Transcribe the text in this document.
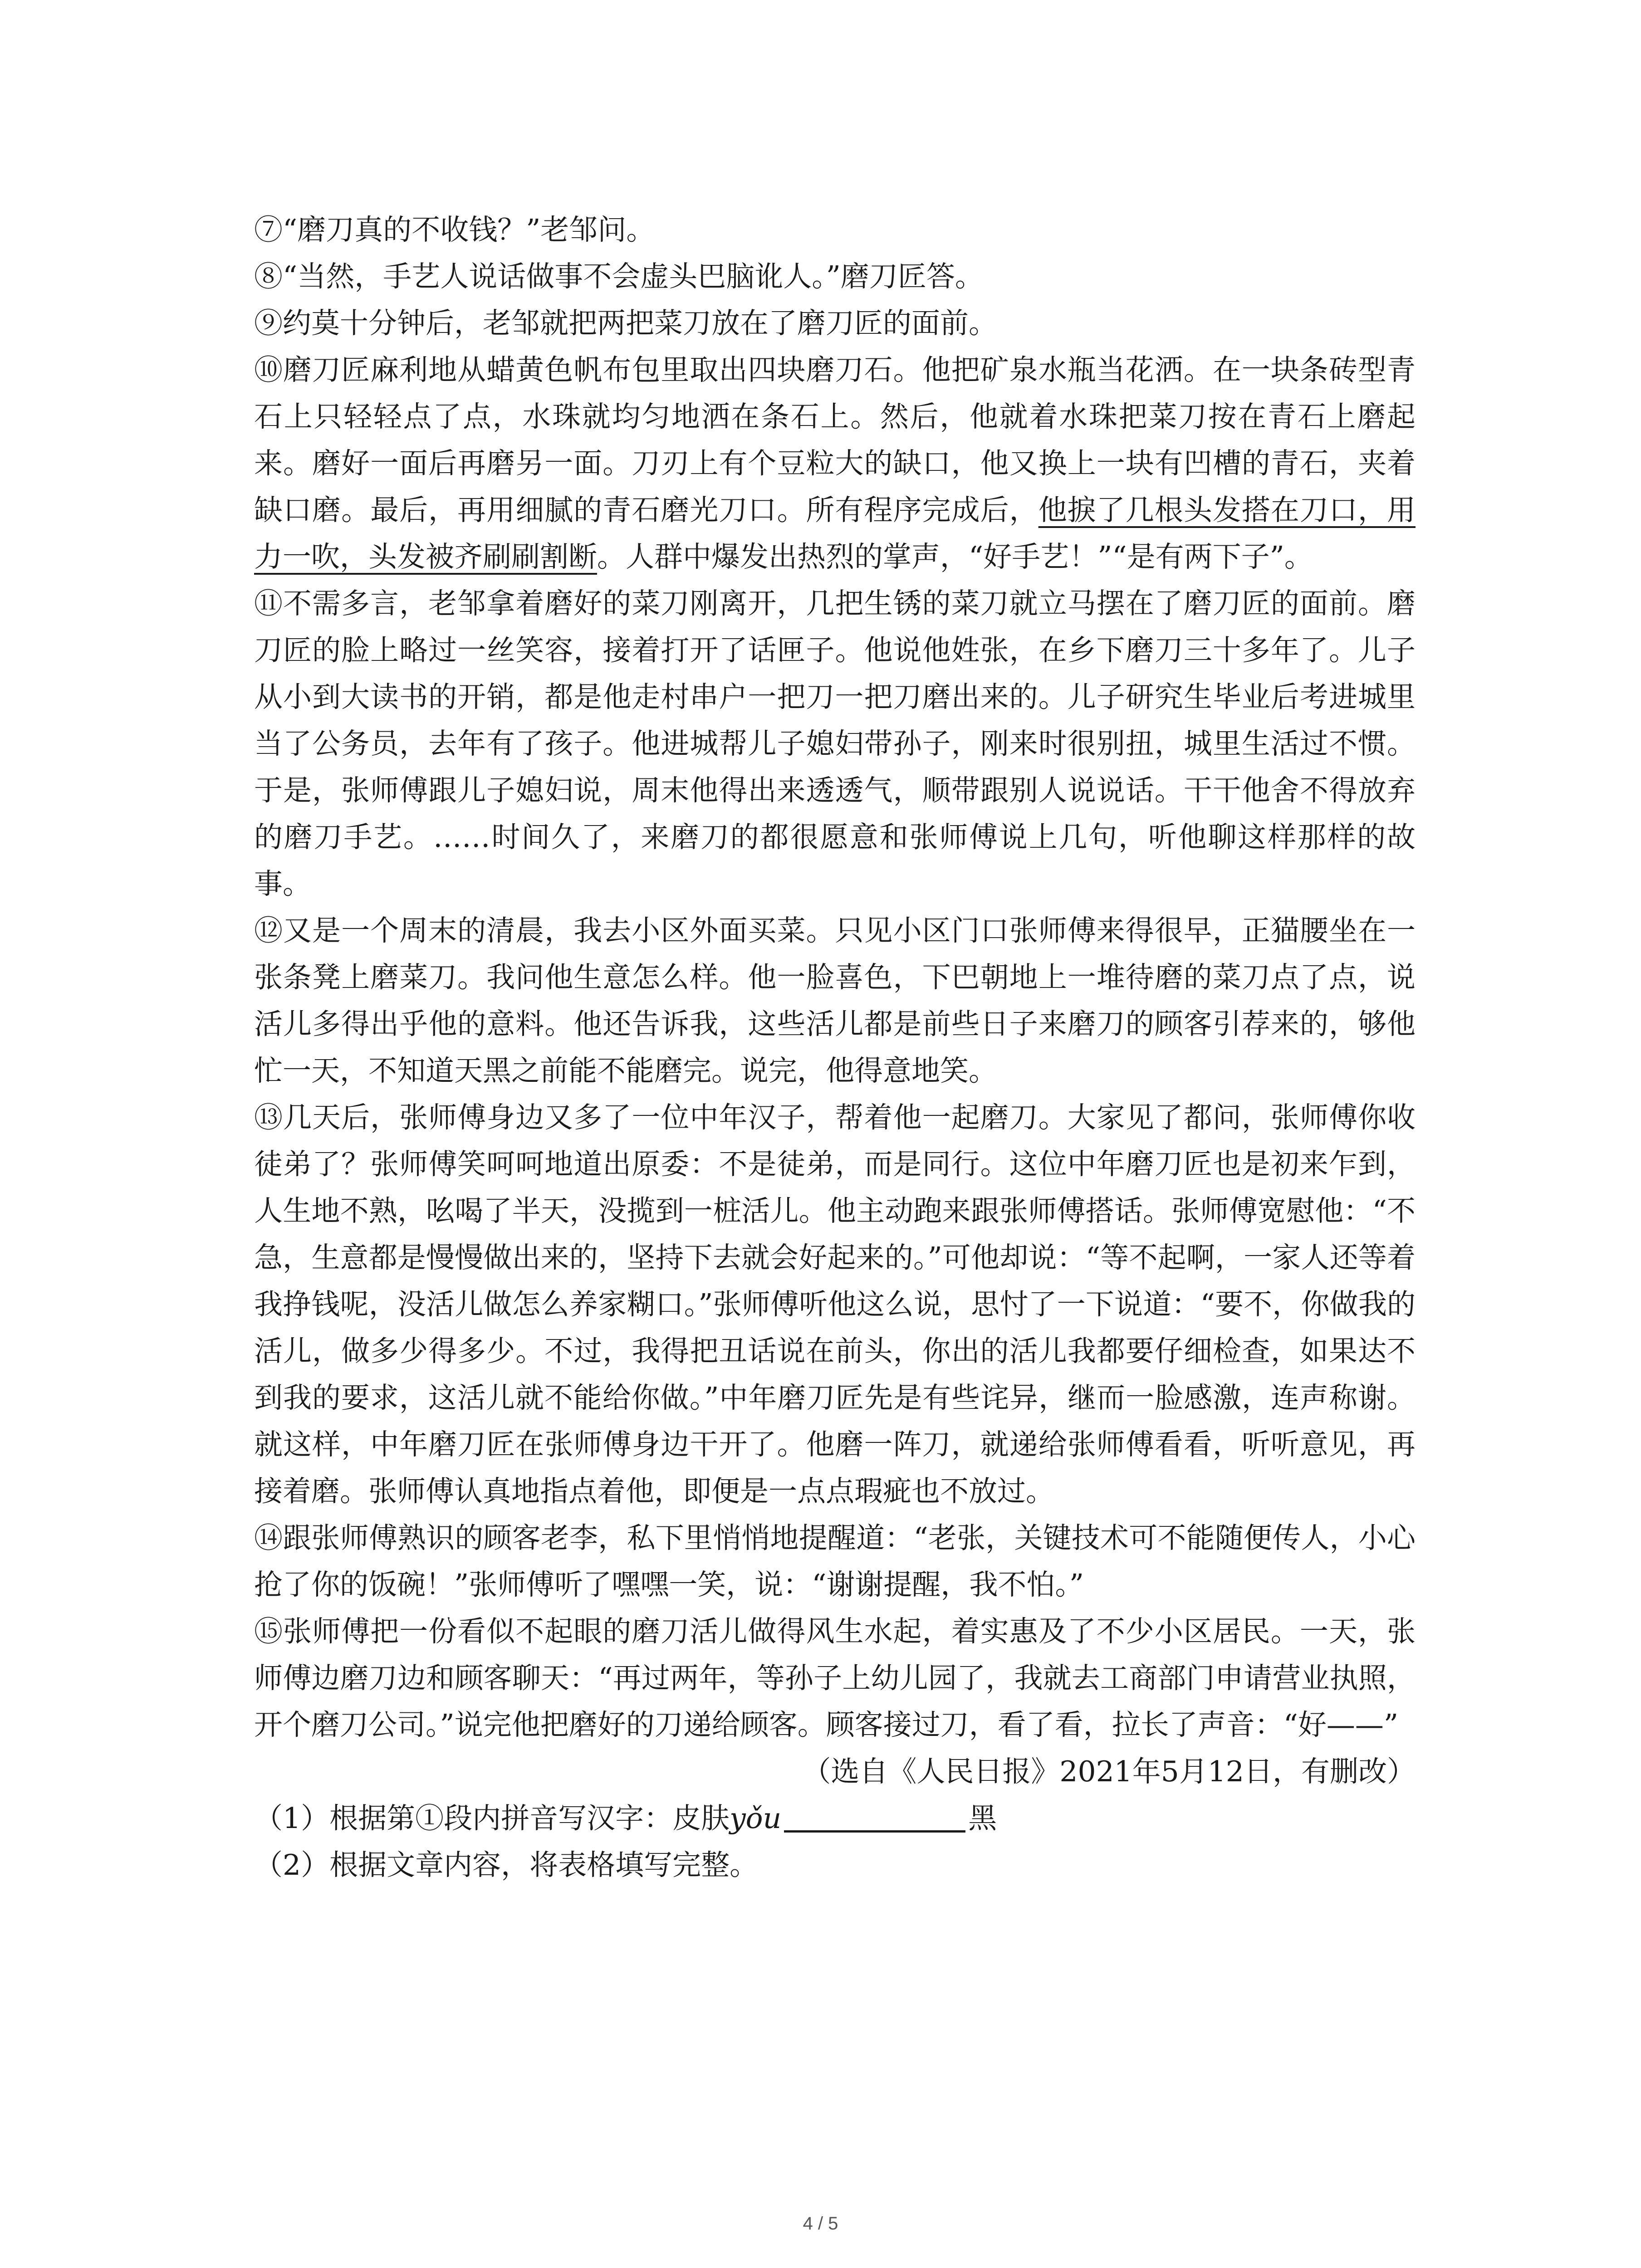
⑦“磨刀真的不收钱？”老邹问。

⑧“当然，手艺人说话做事不会虚头巴脑讹人。”磨刀匠答。

⑨约莫十分钟后，老邹就把两把菜刀放在了磨刀匠的面前。

⑩磨刀匠麻利地从蜡黄色帆布包里取出四块磨刀石。他把矿泉水瓶当花洒。在一块条砖型青石上只轻轻点了点，水珠就均匀地洒在条石上。然后，他就着水珠把菜刀按在青石上磨起来。磨好一面后再磨另一面。刀刃上有个豆粒大的缺口，他又换上一块有凹槽的青石，夹着缺口磨。最后，再用细腻的青石磨光刀口。所有程序完成后，他捩了几根头发搭在刀口，用力一吹，头发被齐刷刷割断。人群中爆发出热烈的掌声，“好手艺！”“是有两下子”。

⑪不需多言，老邹拿着磨好的菜刀刚离开，几把生锈的菜刀就立马摆在了磨刀匠的面前。磨刀匠的脸上略过一丝笑容，接着打开了话匣子。他说他姓张，在乡下磨刀三十多年了。儿子从小到大读书的开销，都是他走村串户一把刀一把刀磨出来的。儿子研究生毕业后考进城里当了公务员，去年有了孩子。他进城帮儿子媳妇带孙子，刚来时很别扭，城里生活过不惯。于是，张师傅跟儿子媳妇说，周末他得出来透透气，顺带跟别人说说话。干干他舍不得放弃的磨刀手艺。……时间久了，来磨刀的都很愿意和张师傅说上几句，听他聊这样那样的故事。

⑫又是一个周末的清晨，我去小区外面买菜。只见小区门口张师傅来得很早，正猫腰坐在一张条凳上磨菜刀。我问他生意怎么样。他一脸喜色，下巴朝地上一堆待磨的菜刀点了点，说活儿多得出乎他的意料。他还告诉我，这些活儿都是前些日子来磨刀的顾客引荐来的，够他忙一天，不知道天黑之前能不能磨完。说完，他得意地笑。

⑬几天后，张师傅身边又多了一位中年汉子，帮着他一起磨刀。大家见了都问，张师傅你收徒弟了？张师傅笑呵呵地道出原委：不是徒弟，而是同行。这位中年磨刀匠也是初来乍到，人生地不熟，吆喝了半天，没揽到一桩活儿。他主动跑来跟张师傅搭话。张师傅宽慰他：“不急，生意都是慢慢做出来的，坚持下去就会好起来的。”可他却说：“等不起啊，一家人还等着我挣钱呢，没活儿做怎么养家糊口。”张师傅听他这么说，思忖了一下说道：“要不，你做我的活儿，做多少得多少。不过，我得把丑话说在前头，你出的活儿我都要仔细检查，如果达不到我的要求，这活儿就不能给你做。”中年磨刀匠先是有些诧异，继而一脸感激，连声称谢。就这样，中年磨刀匠在张师傅身边干开了。他磨一阵刀，就递给张师傅看看，听听意见，再接着磨。张师傅认真地指点着他，即便是一点点瑕疵也不放过。

⑭跟张师傅熟识的顾客老李，私下里悄悄地提醒道：“老张，关键技术可不能随便传人，小心抢了你的饭碗！”张师傅听了嘿嘿一笑，说：“谢谢提醒，我不怕。”

⑮张师傅把一份看似不起眼的磨刀活儿做得风生水起，着实惠及了不少小区居民。一天，张师傅边磨刀边和顾客聊天：“再过两年，等孙子上幼儿园了，我就去工商部门申请营业执照，开个磨刀公司。”说完他把磨好的刀递给顾客。顾客接过刀，看了看，拉长了声音：“好——”

（选自《人民日报》2021年5月12日，有删改）

（1）根据第①段内拼音写汉字：皮肤yǒu	黑

（2）根据文章内容，将表格填写完整。

4 / 5
